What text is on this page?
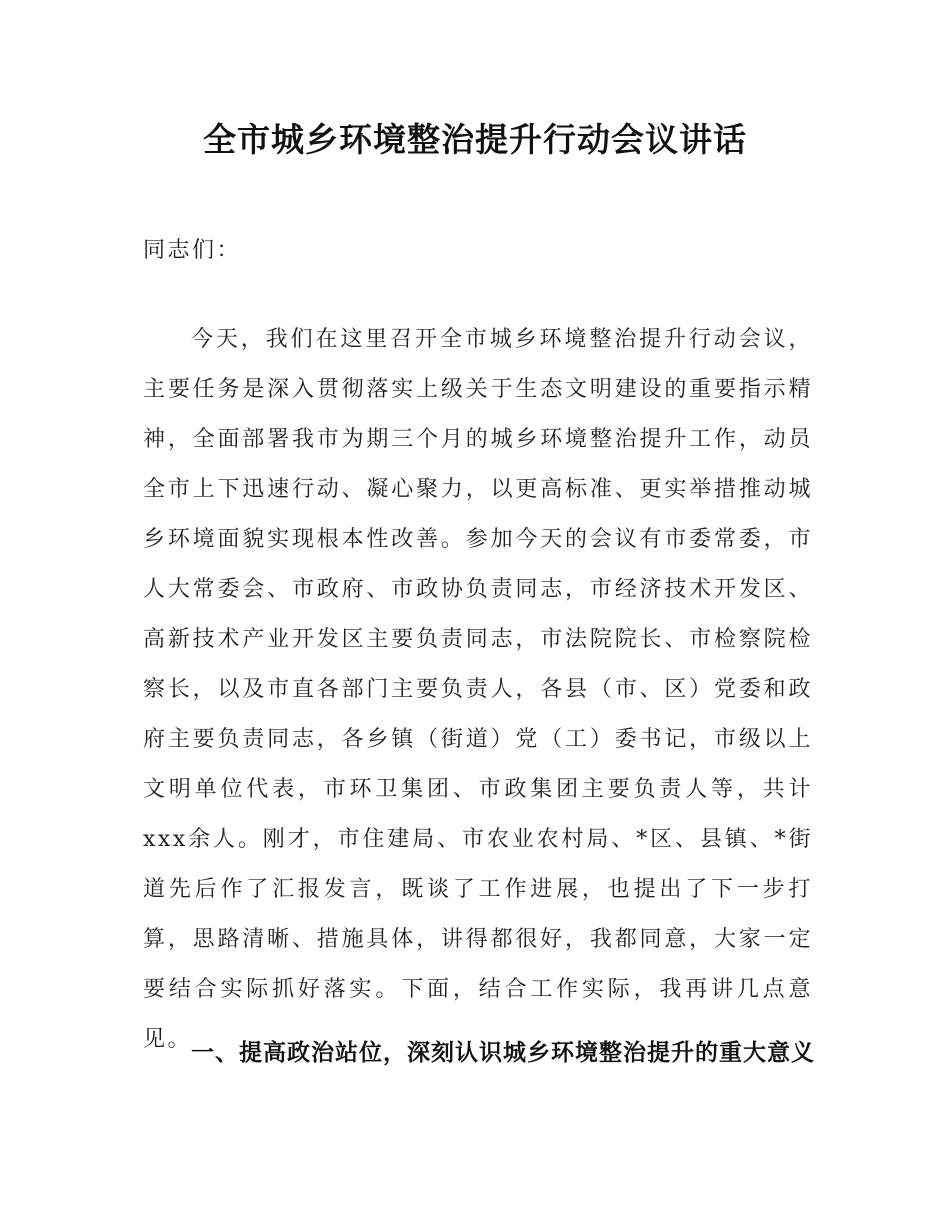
全市城乡环境整治提升行动会议讲话

同志们：

今天，我们在这里召开全市城乡环境整治提升行动会议，主要任务是深入贯彻落实上级关于生态文明建设的重要指示精神，全面部署我市为期三个月的城乡环境整治提升工作，动员全市上下迅速行动、凝心聚力，以更高标准、更实举措推动城乡环境面貌实现根本性改善。参加今天的会议有市委常委，市人大常委会、市政府、市政协负责同志，市经济技术开发区、高新技术产业开发区主要负责同志，市法院院长、市检察院检察长，以及市直各部门主要负责人，各县（市、区）党委和政府主要负责同志，各乡镇（街道）党（工）委书记，市级以上文明单位代表，市环卫集团、市政集团主要负责人等，共计xxx余人。刚才，市住建局、市农业农村局、*区、县镇、*街道先后作了汇报发言，既谈了工作进展，也提出了下一步打算，思路清晰、措施具体，讲得都很好，我都同意，大家一定要结合实际抓好落实。下面，结合工作实际，我再讲几点意见。

一、提高政治站位，深刻认识城乡环境整治提升的重大意义
